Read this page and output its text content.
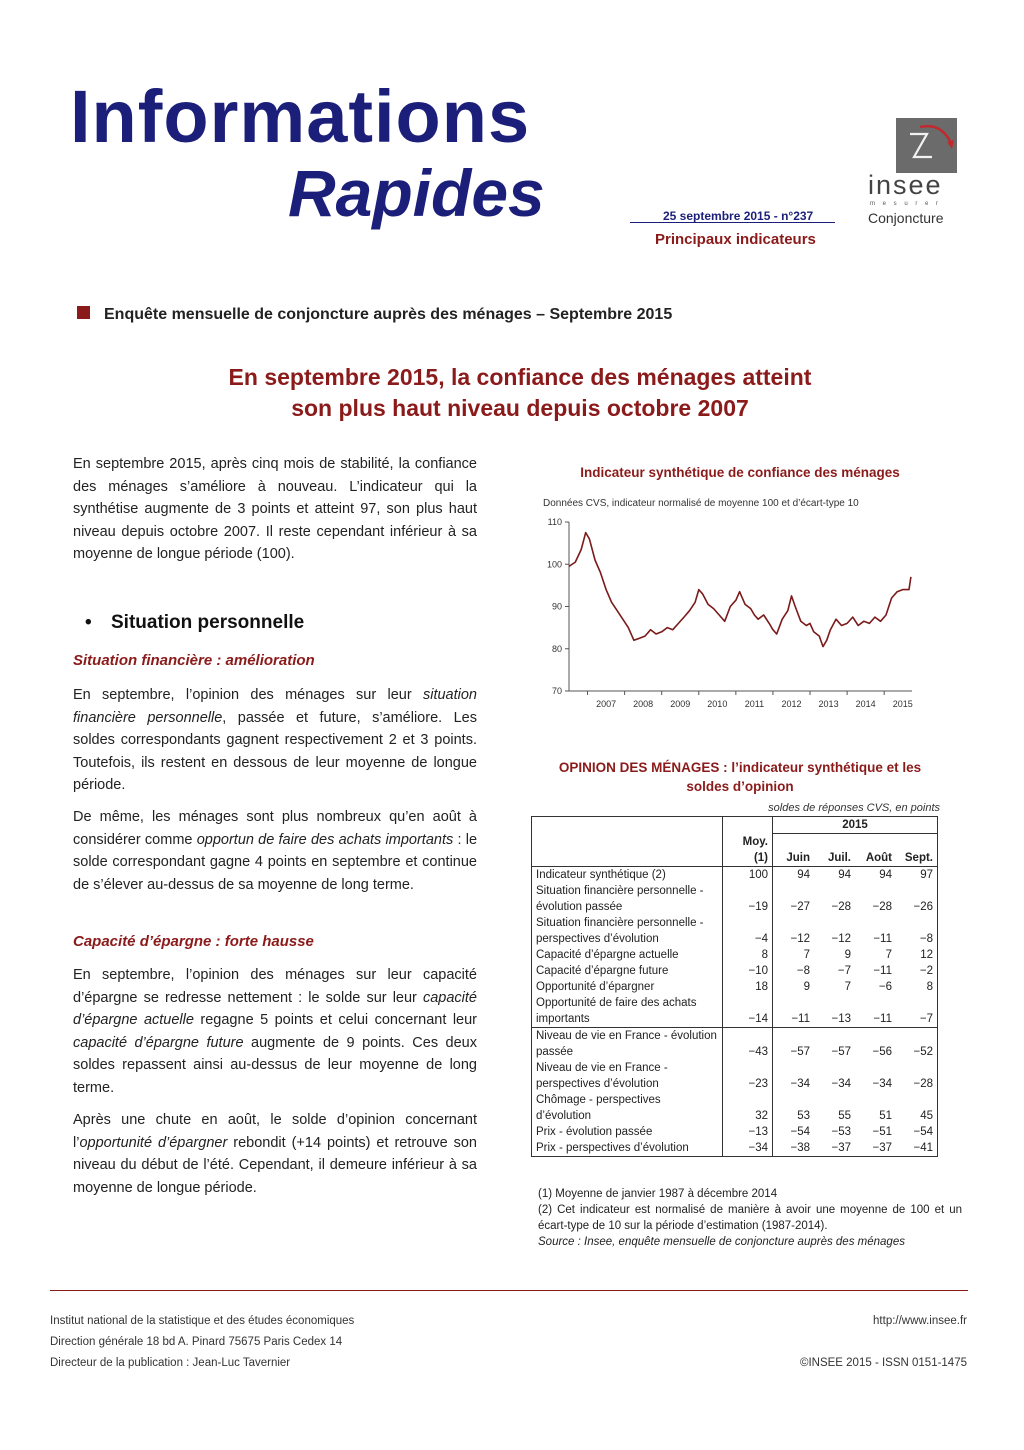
Informations
Rapides	25 septembre 2015 - n°237
Principaux indicateurs
insee
m e s u r e r
Conjoncture
Enquête mensuelle de conjoncture auprès des ménages – Septembre 2015
En septembre 2015, la confiance des ménages atteint
son plus haut niveau depuis octobre 2007
En septembre 2015, après cinq mois de stabilité, la confiance des ménages s’améliore à nouveau. L’indicateur qui la synthétise augmente de 3 points et atteint 97, son plus haut niveau depuis octobre 2007. Il reste cependant inférieur à sa moyenne de longue période (100).
• Situation personnelle
Situation financière : amélioration
En septembre, l’opinion des ménages sur leur situation financière personnelle, passée et future, s’améliore. Les soldes correspondants gagnent respectivement 2 et 3 points. Toutefois, ils restent en dessous de leur moyenne de longue période.
De même, les ménages sont plus nombreux qu’en août à considérer comme opportun de faire des achats importants : le solde correspondant gagne 4 points en septembre et continue de s’élever au-dessus de sa moyenne de long terme.
Capacité d’épargne : forte hausse
En septembre, l’opinion des ménages sur leur capacité d’épargne se redresse nettement : le solde sur leur capacité d’épargne actuelle regagne 5 points et celui concernant leur capacité d’épargne future augmente de 9 points. Ces deux soldes repassent ainsi au-dessus de leur moyenne de long terme.
Après une chute en août, le solde d’opinion concernant l’opportunité d’épargner rebondit (+14 points) et retrouve son niveau du début de l’été. Cependant, il demeure inférieur à sa moyenne de longue période.
Indicateur synthétique de confiance des ménages
Données CVS, indicateur normalisé de moyenne 100 et d’écart-type 10
70
80
90
100
110
2007 2008 2009 2010 2011 2012 2013 2014 2015
OPINION DES MÉNAGES : l’indicateur synthétique et les
soldes d’opinion
soldes de réponses CVS, en points
		2015			
	Moy.				
	(1)	Juin	Juil.	Août	Sept.
Indicateur synthétique (2)	100	94	94	94	97
Situation financière personnelle - évolution passée	−19	−27	−28	−28	−26
Situation financière personnelle - perspectives d’évolution	−4	−12	−12	−11	−8
Capacité d’épargne actuelle	8	7	9	7	12
Capacité d’épargne future	−10	−8	−7	−11	−2
Opportunité d’épargner	18	9	7	−6	8
Opportunité de faire des achats importants	−14	−11	−13	−11	−7
Niveau de vie en France - évolution passée	−43	−57	−57	−56	−52
Niveau de vie en France - perspectives d’évolution	−23	−34	−34	−34	−28
Chômage - perspectives d’évolution	32	53	55	51	45
Prix - évolution passée	−13	−54	−53	−51	−54
Prix - perspectives d’évolution	−34	−38	−37	−37	−41
(1) Moyenne de janvier 1987 à décembre 2014
(2) Cet indicateur est normalisé de manière à avoir une moyenne de 100 et un écart-type de 10 sur la période d’estimation (1987-2014).
Source : Insee, enquête mensuelle de conjoncture auprès des ménages
Institut national de la statistique et des études économiques
Direction générale 18 bd A. Pinard 75675 Paris Cedex 14
Directeur de la publication : Jean-Luc Tavernier
http://www.insee.fr
©INSEE 2015 - ISSN 0151-1475
